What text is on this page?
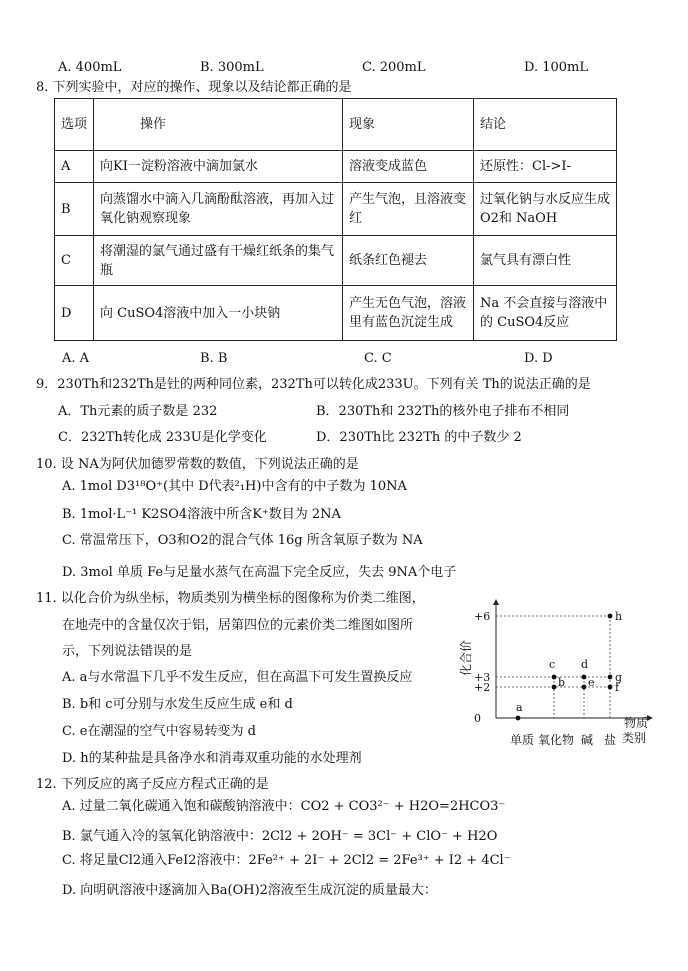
A. 400mL	B. 300mL	C. 200mL	D. 100mL
8. 下列实验中，对应的操作、现象以及结论都正确的是
选项	操作	现象	结论
A	向KI一淀粉溶液中滴加氯水	溶液变成蓝色	还原性：Cl->I-
B	向蒸馏水中滴入几滴酚酞溶液，再加入过氧化钠观察现象	产生气泡，且溶液变红	过氧化钠与水反应生成 O2和 NaOH
C	将潮湿的氯气通过盛有干燥红纸条的集气瓶	纸条红色褪去	氯气具有漂白性
D	向 CuSO4溶液中加入一小块钠	产生无色气泡，溶液里有蓝色沉淀生成	Na 不会直接与溶液中的 CuSO4反应
A. A	B. B	C. C	D. D
9．230Th和232Th是钍的两种同位素，232Th可以转化成233U。下列有关 Th的说法正确的是
A．Th元素的质子数是 232	B．230Th和 232Th的核外电子排布不相同
C．232Th转化成 233U是化学变化	D．230Th比 232Th 的中子数少 2
10. 设 NA为阿伏加德罗常数的数值，下列说法正确的是
A. 1mol D3¹⁸O⁺(其中 D代表²₁H)中含有的中子数为 10NA
B. 1mol·L⁻¹ K2SO4溶液中所含K⁺数目为 2NA
C. 常温常压下，O3和O2的混合气体 16g 所含氧原子数为 NA
D. 3mol 单质 Fe与足量水蒸气在高温下完全反应，失去 9NA个电子
11. 以化合价为纵坐标，物质类别为横坐标的图像称为价类二维图，
在地壳中的含量仅次于铝，居第四位的元素价类二维图如图所
示，下列说法错误的是
A. a与水常温下几乎不发生反应，但在高温下可发生置换反应
B. b和 c可分别与水发生反应生成 e和 d
C. e在潮湿的空气中容易转变为 d
D. h的某种盐是具备净水和消毒双重功能的水处理剂
化合价
0
+2
+3
+6
单质 氧化物 碱 盐
a
b
c d
e f
g
h
物质
类别
12. 下列反应的离子反应方程式正确的是
A. 过量二氧化碳通入饱和碳酸钠溶液中：CO2 + CO3²⁻ + H2O=2HCO3⁻
B. 氯气通入冷的氢氧化钠溶液中：2Cl2 + 2OH⁻ = 3Cl⁻ + ClO⁻ + H2O
C. 将足量Cl2通入FeI2溶液中：2Fe²⁺ + 2I⁻ + 2Cl2 = 2Fe³⁺ + I2 + 4Cl⁻
D. 向明矾溶液中逐滴加入Ba(OH)2溶液至生成沉淀的质量最大：
